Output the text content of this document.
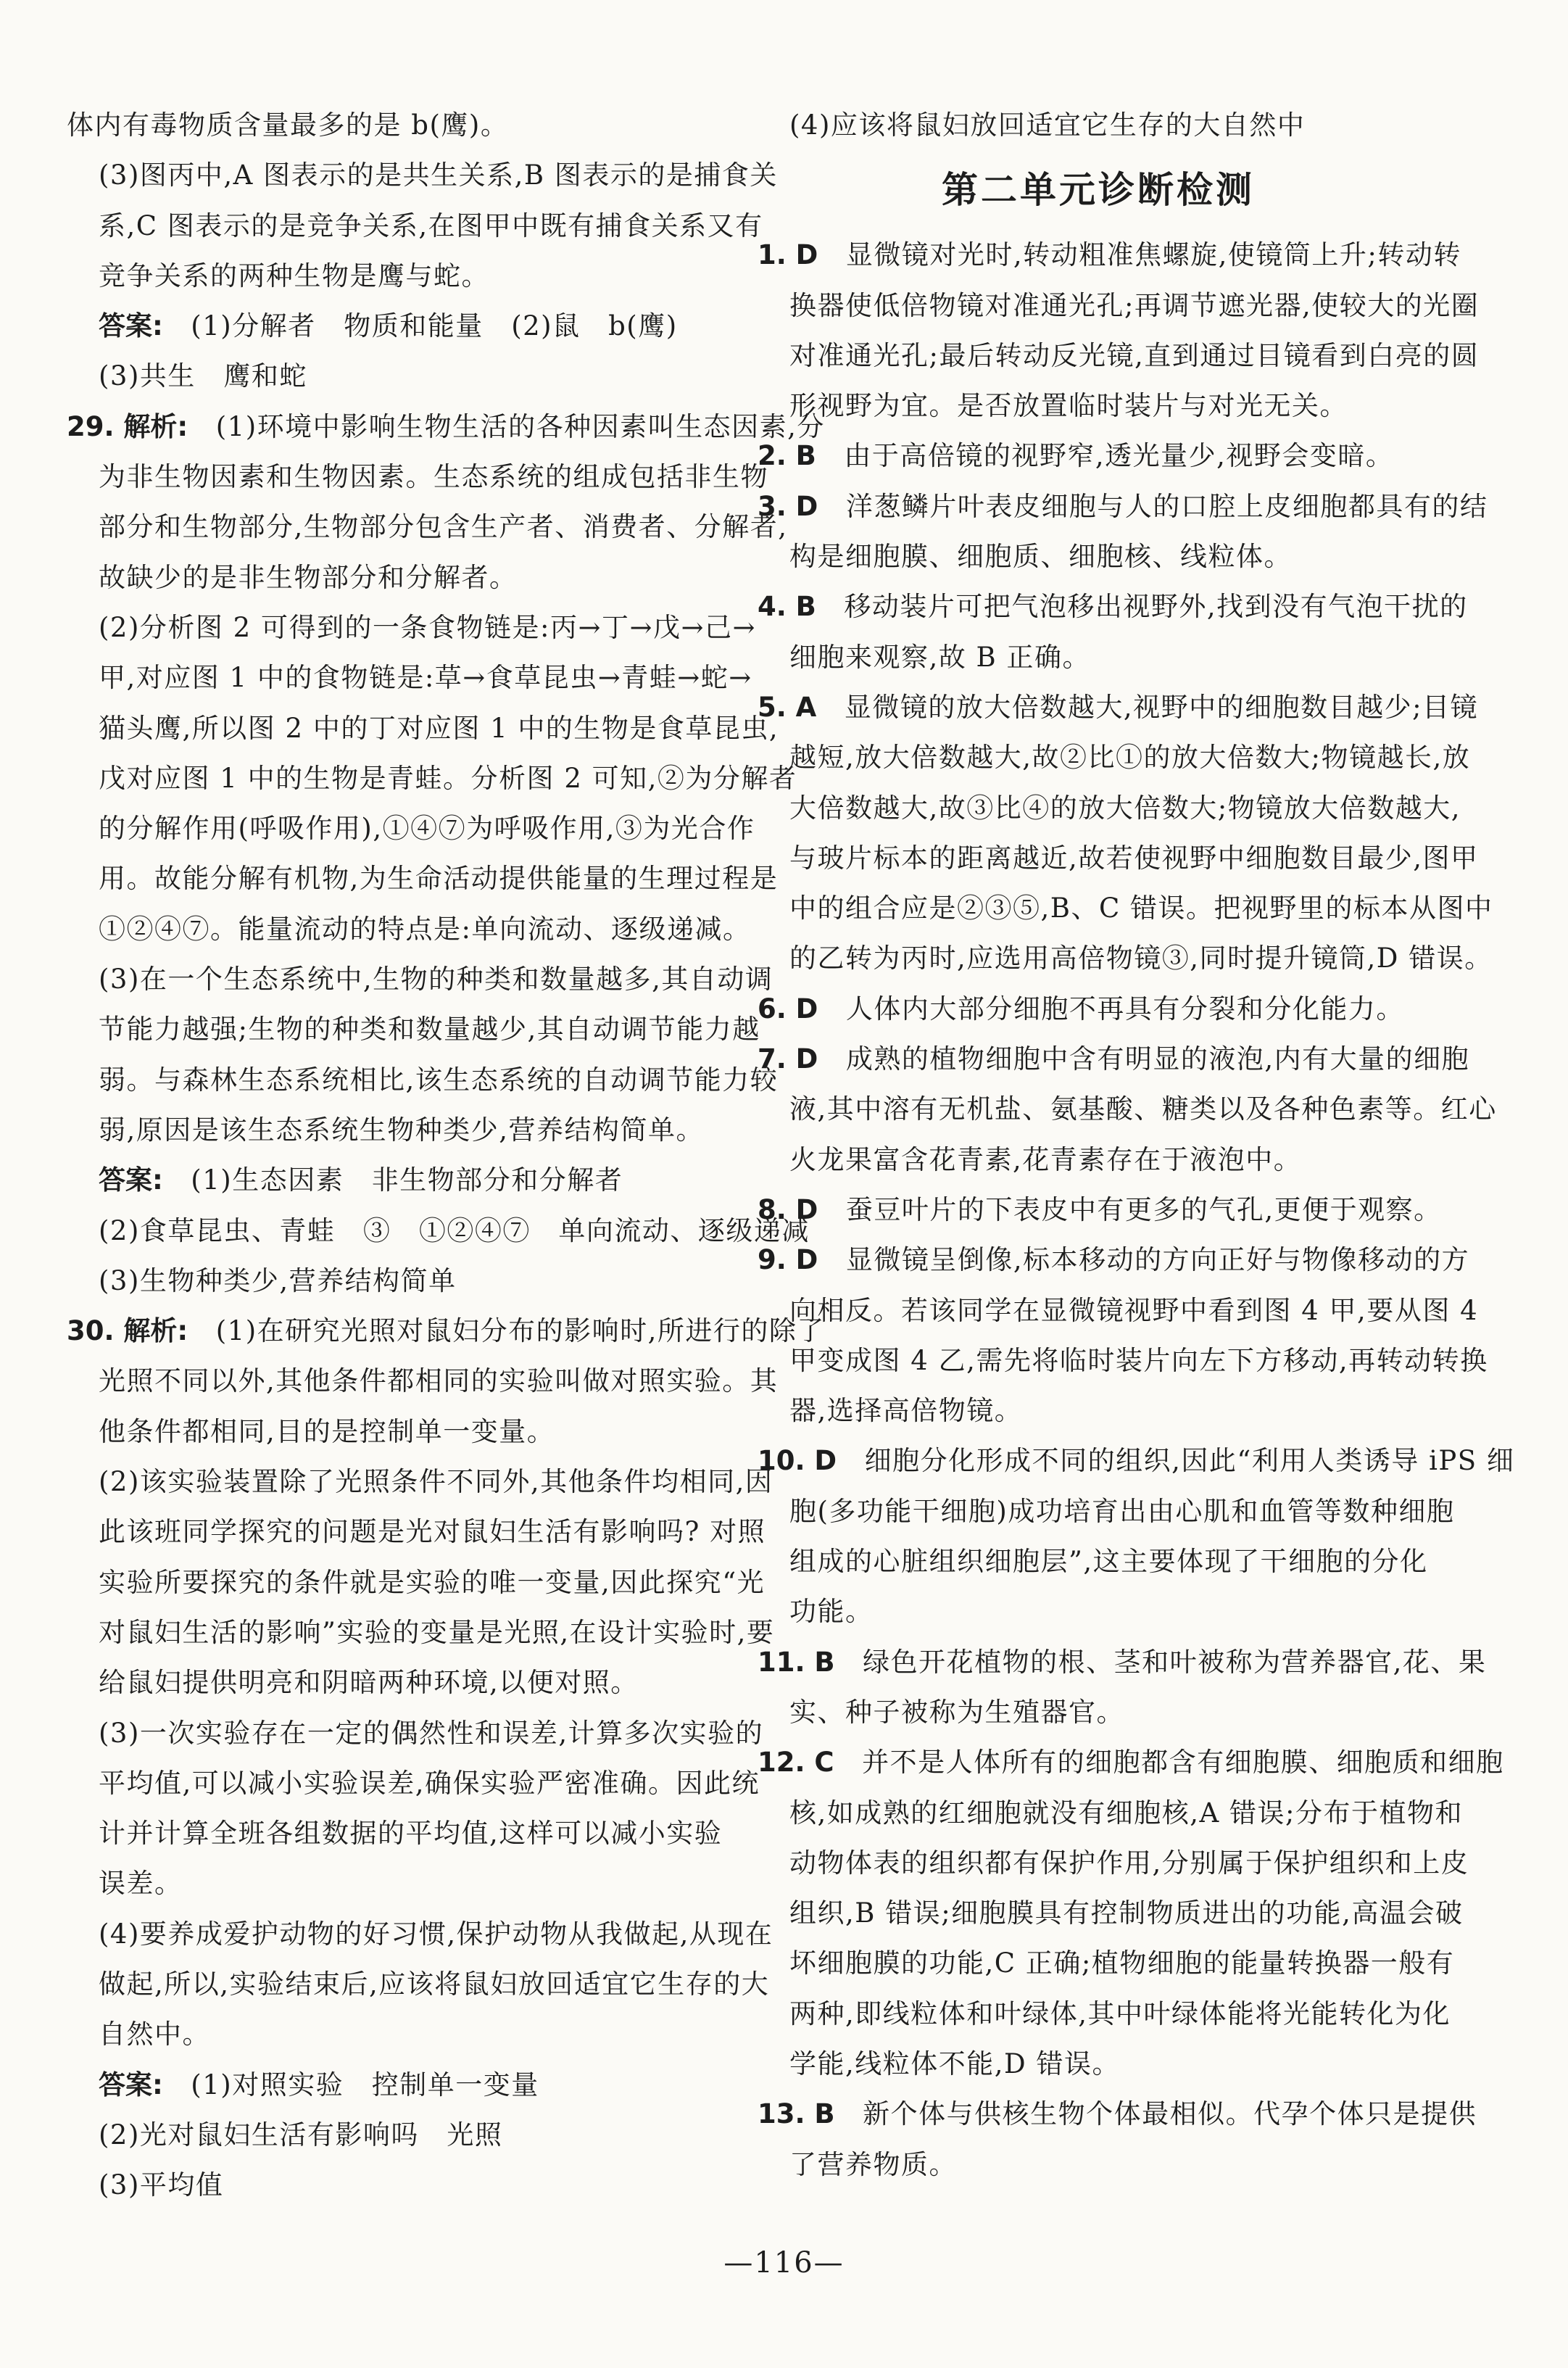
体内有毒物质含量最多的是 b(鹰)。
(3)图丙中,A 图表示的是共生关系,B 图表示的是捕食关
系,C 图表示的是竞争关系,在图甲中既有捕食关系又有
竞争关系的两种生物是鹰与蛇。
答案:  (1)分解者　物质和能量　(2)鼠　b(鹰)
(3)共生　鹰和蛇
29. 解析:  (1)环境中影响生物生活的各种因素叫生态因素,分
为非生物因素和生物因素。生态系统的组成包括非生物
部分和生物部分,生物部分包含生产者、消费者、分解者,
故缺少的是非生物部分和分解者。
(2)分析图 2 可得到的一条食物链是:丙→丁→戊→己→
甲,对应图 1 中的食物链是:草→食草昆虫→青蛙→蛇→
猫头鹰,所以图 2 中的丁对应图 1 中的生物是食草昆虫,
戊对应图 1 中的生物是青蛙。分析图 2 可知,②为分解者
的分解作用(呼吸作用),①④⑦为呼吸作用,③为光合作
用。故能分解有机物,为生命活动提供能量的生理过程是
①②④⑦。能量流动的特点是:单向流动、逐级递减。
(3)在一个生态系统中,生物的种类和数量越多,其自动调
节能力越强;生物的种类和数量越少,其自动调节能力越
弱。与森林生态系统相比,该生态系统的自动调节能力较
弱,原因是该生态系统生物种类少,营养结构简单。
答案:  (1)生态因素　非生物部分和分解者
(2)食草昆虫、青蛙　③　①②④⑦　单向流动、逐级递减
(3)生物种类少,营养结构简单
30. 解析:  (1)在研究光照对鼠妇分布的影响时,所进行的除了
光照不同以外,其他条件都相同的实验叫做对照实验。其
他条件都相同,目的是控制单一变量。
(2)该实验装置除了光照条件不同外,其他条件均相同,因
此该班同学探究的问题是光对鼠妇生活有影响吗? 对照
实验所要探究的条件就是实验的唯一变量,因此探究“光
对鼠妇生活的影响”实验的变量是光照,在设计实验时,要
给鼠妇提供明亮和阴暗两种环境,以便对照。
(3)一次实验存在一定的偶然性和误差,计算多次实验的
平均值,可以减小实验误差,确保实验严密准确。因此统
计并计算全班各组数据的平均值,这样可以减小实验
误差。
(4)要养成爱护动物的好习惯,保护动物从我做起,从现在
做起,所以,实验结束后,应该将鼠妇放回适宜它生存的大
自然中。
答案:  (1)对照实验　控制单一变量
(2)光对鼠妇生活有影响吗　光照
(3)平均值
(4)应该将鼠妇放回适宜它生存的大自然中
第二单元诊断检测
1. D  显微镜对光时,转动粗准焦螺旋,使镜筒上升;转动转
换器使低倍物镜对准通光孔;再调节遮光器,使较大的光圈
对准通光孔;最后转动反光镜,直到通过目镜看到白亮的圆
形视野为宜。是否放置临时装片与对光无关。
2. B  由于高倍镜的视野窄,透光量少,视野会变暗。
3. D  洋葱鳞片叶表皮细胞与人的口腔上皮细胞都具有的结
构是细胞膜、细胞质、细胞核、线粒体。
4. B  移动装片可把气泡移出视野外,找到没有气泡干扰的
细胞来观察,故 B 正确。
5. A  显微镜的放大倍数越大,视野中的细胞数目越少;目镜
越短,放大倍数越大,故②比①的放大倍数大;物镜越长,放
大倍数越大,故③比④的放大倍数大;物镜放大倍数越大,
与玻片标本的距离越近,故若使视野中细胞数目最少,图甲
中的组合应是②③⑤,B、C 错误。把视野里的标本从图中
的乙转为丙时,应选用高倍物镜③,同时提升镜筒,D 错误。
6. D  人体内大部分细胞不再具有分裂和分化能力。
7. D  成熟的植物细胞中含有明显的液泡,内有大量的细胞
液,其中溶有无机盐、氨基酸、糖类以及各种色素等。红心
火龙果富含花青素,花青素存在于液泡中。
8. D  蚕豆叶片的下表皮中有更多的气孔,更便于观察。
9. D  显微镜呈倒像,标本移动的方向正好与物像移动的方
向相反。若该同学在显微镜视野中看到图 4 甲,要从图 4
甲变成图 4 乙,需先将临时装片向左下方移动,再转动转换
器,选择高倍物镜。
10. D  细胞分化形成不同的组织,因此“利用人类诱导 iPS 细
胞(多功能干细胞)成功培育出由心肌和血管等数种细胞
组成的心脏组织细胞层”,这主要体现了干细胞的分化
功能。
11. B  绿色开花植物的根、茎和叶被称为营养器官,花、果
实、种子被称为生殖器官。
12. C  并不是人体所有的细胞都含有细胞膜、细胞质和细胞
核,如成熟的红细胞就没有细胞核,A 错误;分布于植物和
动物体表的组织都有保护作用,分别属于保护组织和上皮
组织,B 错误;细胞膜具有控制物质进出的功能,高温会破
坏细胞膜的功能,C 正确;植物细胞的能量转换器一般有
两种,即线粒体和叶绿体,其中叶绿体能将光能转化为化
学能,线粒体不能,D 错误。
13. B  新个体与供核生物个体最相似。代孕个体只是提供
了营养物质。
—116—
